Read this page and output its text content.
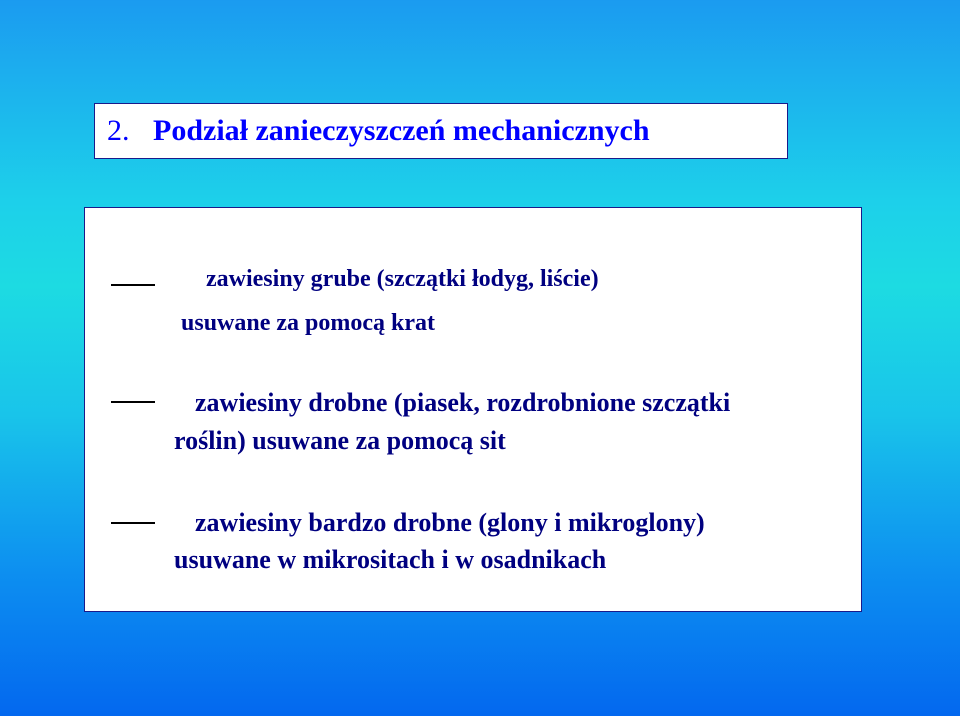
2. Podział zanieczyszczeń mechanicznych
zawiesiny grube (szczątki łodyg, liście)
usuwane za pomocą krat
zawiesiny drobne (piasek, rozdrobnione szczątki
roślin) usuwane za pomocą sit
zawiesiny bardzo drobne (glony i mikroglony)
usuwane w mikrositach i w osadnikach
